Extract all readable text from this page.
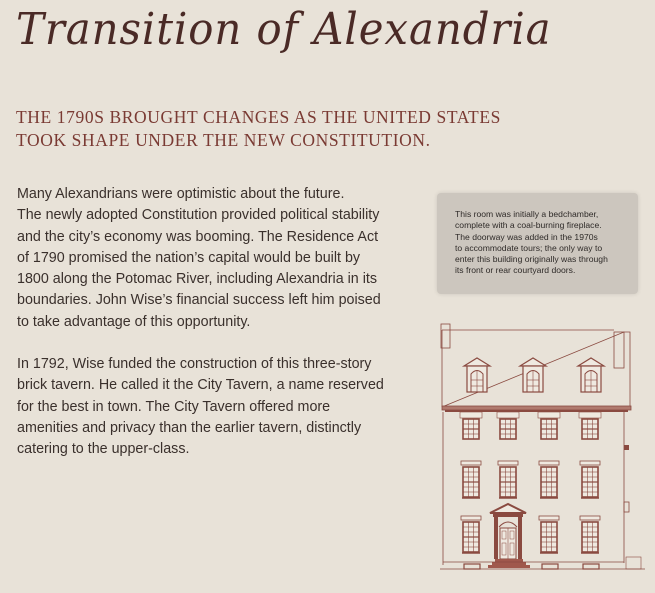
Transition of Alexandria
THE 1790S BROUGHT CHANGES AS THE UNITED STATES
TOOK SHAPE UNDER THE NEW CONSTITUTION.

Many Alexandrians were optimistic about the future.
The newly adopted Constitution provided political stability
and the city’s economy was booming. The Residence Act
of 1790 promised the nation’s capital would be built by
1800 along the Potomac River, including Alexandria in its
boundaries. John Wise’s financial success left him poised
to take advantage of this opportunity.

In 1792, Wise funded the construction of this three-story
brick tavern. He called it the City Tavern, a name reserved
for the best in town. The City Tavern offered more
amenities and privacy than the earlier tavern, distinctly
catering to the upper-class.

This room was initially a bedchamber,
complete with a coal-burning fireplace.
The doorway was added in the 1970s
to accommodate tours; the only way to
enter this building originally was through
its front or rear courtyard doors.
